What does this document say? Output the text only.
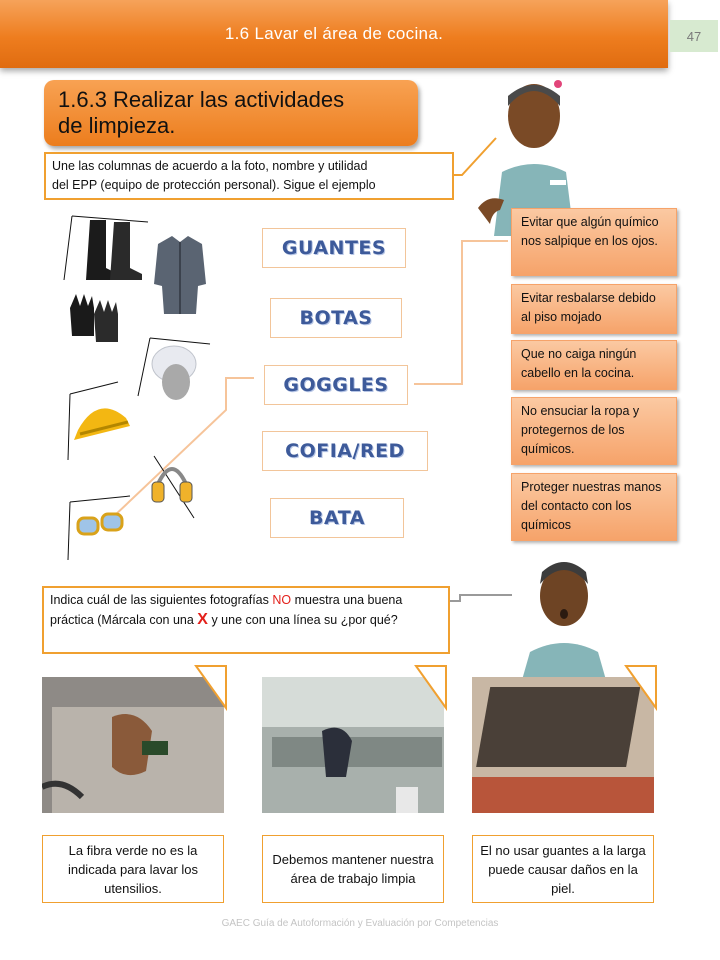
1.6 Lavar el área de cocina.	47
1.6.3 Realizar las actividades
de limpieza.
Une las columnas de acuerdo a la foto, nombre y utilidad
del EPP (equipo de protección personal). Sigue el ejemplo
GUANTES
BOTAS
GOGGLES
COFIA/RED
BATA
Evitar que algún químico nos salpique en los ojos.
Evitar resbalarse debido al piso mojado
Que no caiga ningún cabello en la cocina.
No ensuciar la ropa y protegernos de los químicos.
Proteger nuestras manos del contacto con los químicos
Indica cuál de las siguientes fotografías NO muestra una buena práctica (Márcala con una X y une con una línea su ¿por qué?
La fibra verde no es la indicada para lavar los utensilios.
Debemos mantener nuestra área de trabajo limpia
El no usar guantes a la larga puede causar daños en la piel.
GAEC Guía de Autoformación y Evaluación por Competencias
